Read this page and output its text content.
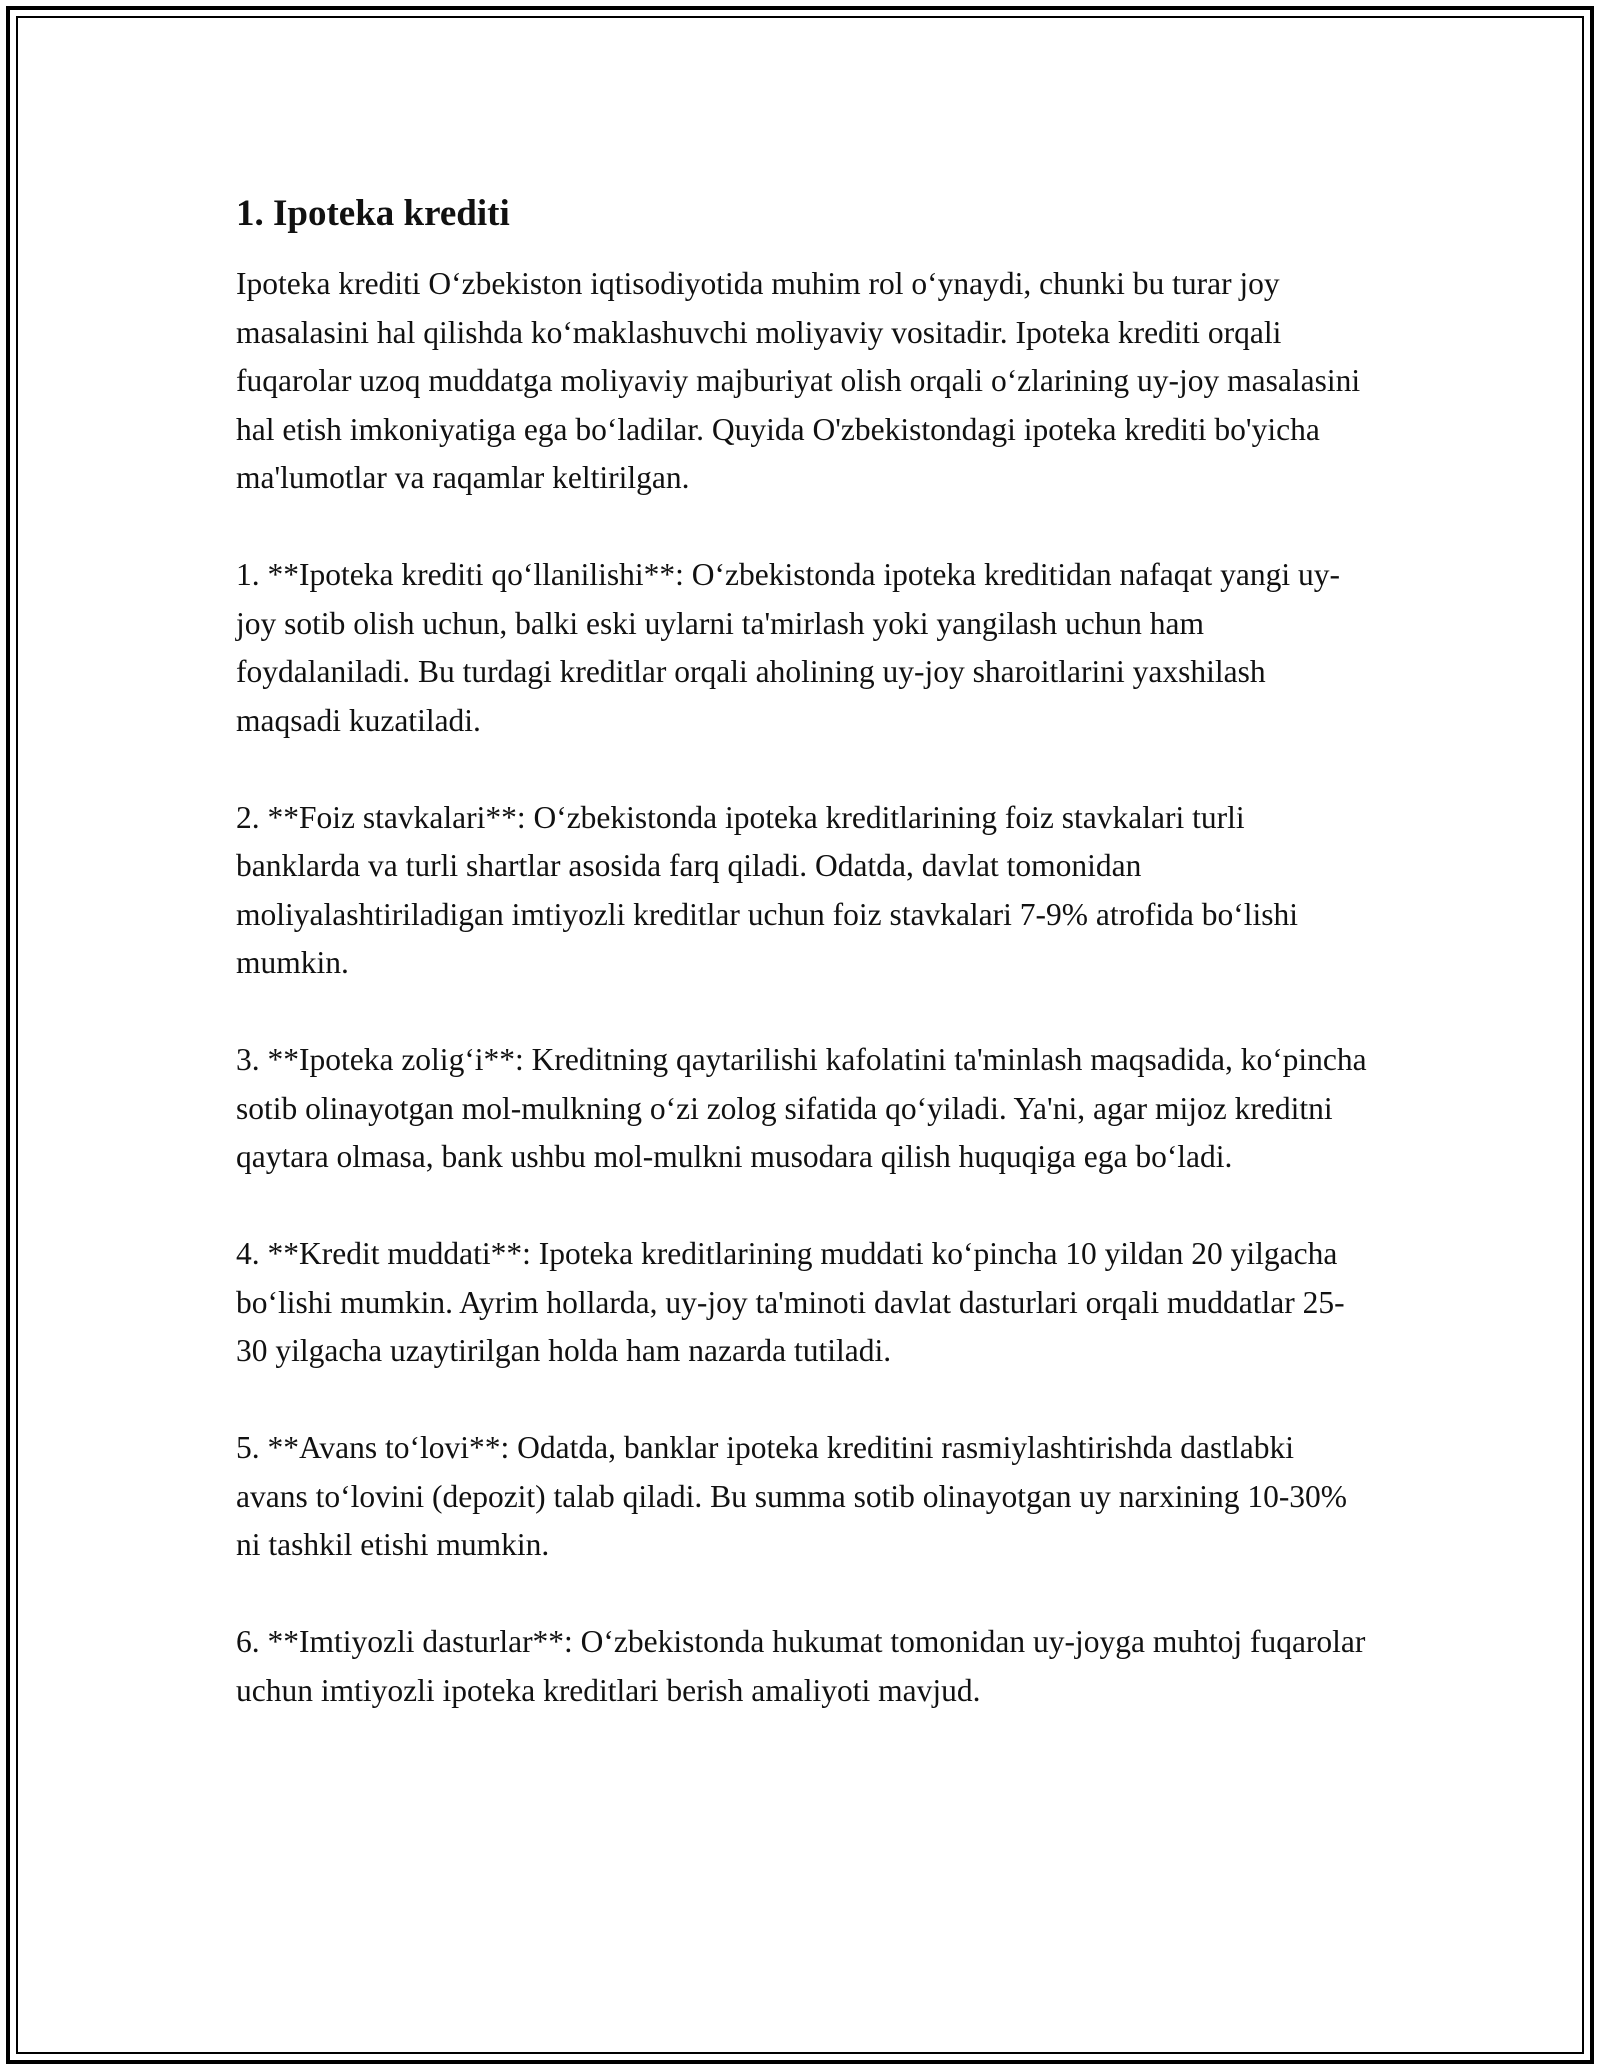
1. Ipoteka krediti

Ipoteka krediti O‘zbekiston iqtisodiyotida muhim rol o‘ynaydi, chunki bu turar joy masalasini hal qilishda ko‘maklashuvchi moliyaviy vositadir. Ipoteka krediti orqali fuqarolar uzoq muddatga moliyaviy majburiyat olish orqali o‘zlarining uy-joy masalasini hal etish imkoniyatiga ega bo‘ladilar. Quyida O'zbekistondagi ipoteka krediti bo'yicha ma'lumotlar va raqamlar keltirilgan.

1. **Ipoteka krediti qo‘llanilishi**: O‘zbekistonda ipoteka kreditidan nafaqat yangi uy-joy sotib olish uchun, balki eski uylarni ta'mirlash yoki yangilash uchun ham foydalaniladi. Bu turdagi kreditlar orqali aholining uy-joy sharoitlarini yaxshilash maqsadi kuzatiladi.

2. **Foiz stavkalari**: O‘zbekistonda ipoteka kreditlarining foiz stavkalari turli banklarda va turli shartlar asosida farq qiladi. Odatda, davlat tomonidan moliyalashtiriladigan imtiyozli kreditlar uchun foiz stavkalari 7-9% atrofida bo‘lishi mumkin.

3. **Ipoteka zolig‘i**: Kreditning qaytarilishi kafolatini ta'minlash maqsadida, ko‘pincha sotib olinayotgan mol-mulkning o‘zi zolog sifatida qo‘yiladi. Ya'ni, agar mijoz kreditni qaytara olmasa, bank ushbu mol-mulkni musodara qilish huquqiga ega bo‘ladi.

4. **Kredit muddati**: Ipoteka kreditlarining muddati ko‘pincha 10 yildan 20 yilgacha bo‘lishi mumkin. Ayrim hollarda, uy-joy ta'minoti davlat dasturlari orqali muddatlar 25-30 yilgacha uzaytirilgan holda ham nazarda tutiladi.

5. **Avans to‘lovi**: Odatda, banklar ipoteka kreditini rasmiylashtirishda dastlabki avans to‘lovini (depozit) talab qiladi. Bu summa sotib olinayotgan uy narxining 10-30% ni tashkil etishi mumkin.

6. **Imtiyozli dasturlar**: O‘zbekistonda hukumat tomonidan uy-joyga muhtoj fuqarolar uchun imtiyozli ipoteka kreditlari berish amaliyoti mavjud.
